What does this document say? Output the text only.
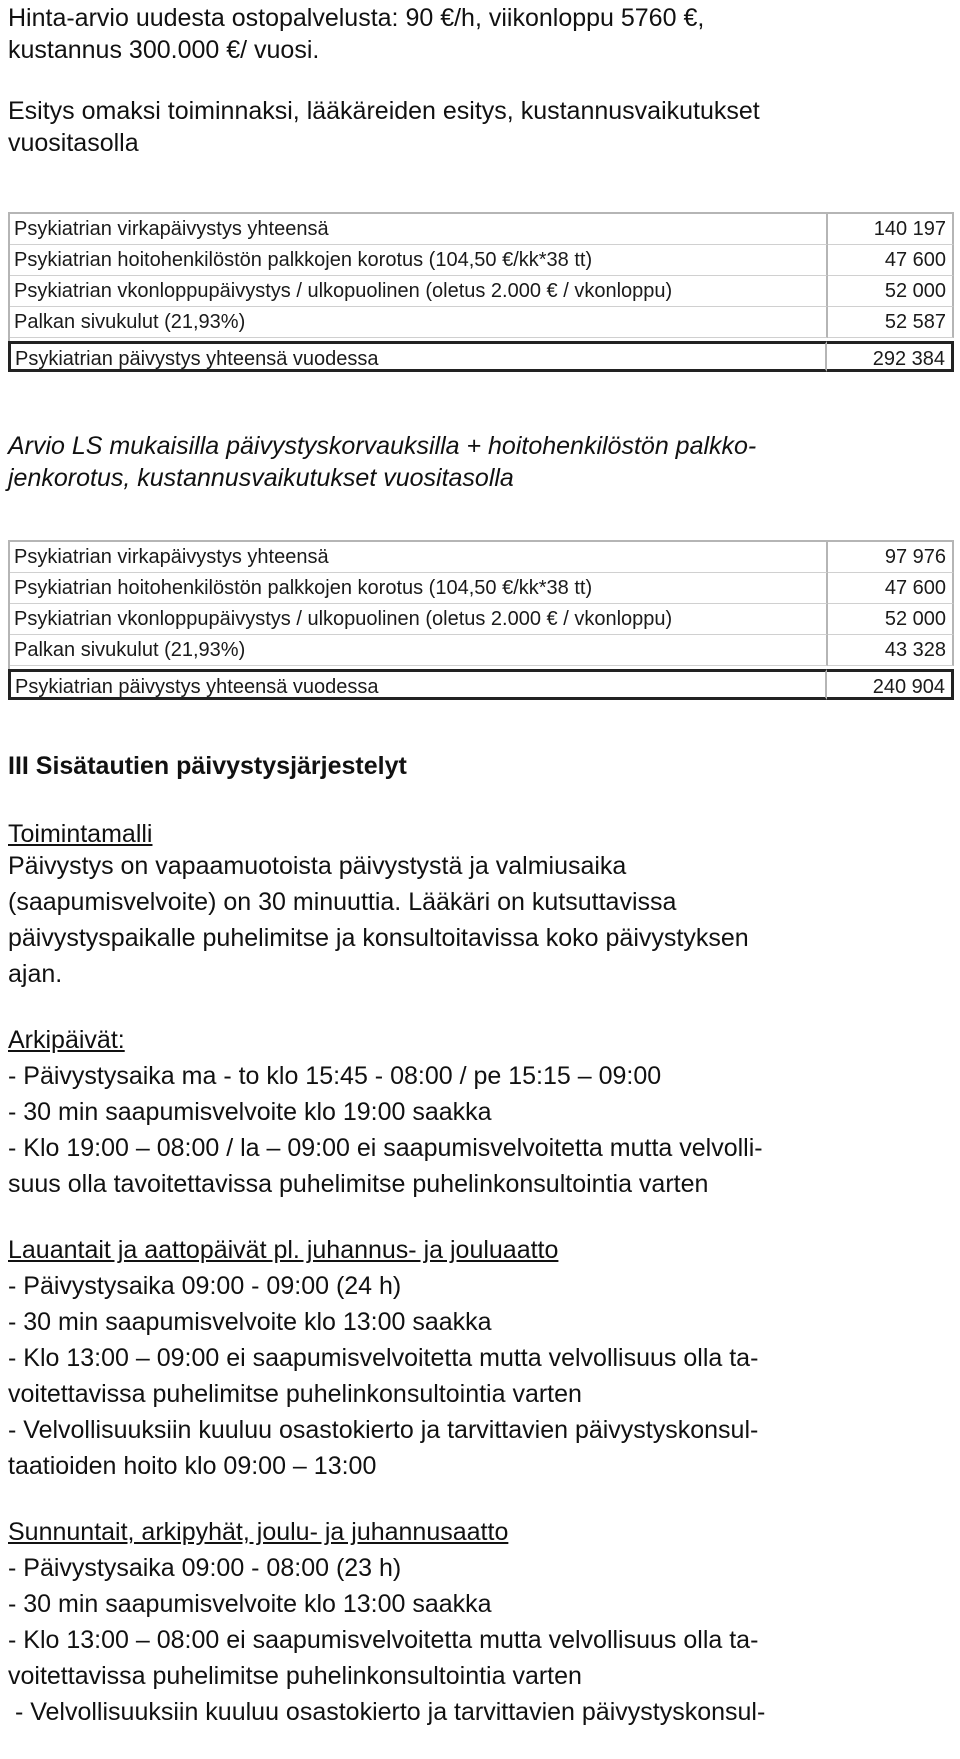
Hinta-arvio uudesta ostopalvelusta: 90 €/h, viikonloppu 5760 €,

kustannus 300.000 €/ vuosi.

Esitys omaksi toiminnaksi, lääkäreiden esitys, kustannusvaikutukset

vuositasolla

Psykiatrian virkapäivystys yhteensä	140 197
Psykiatrian hoitohenkilöstön palkkojen korotus (104,50 €/kk*38 tt)	47 600
Psykiatrian vkonloppupäivystys / ulkopuolinen (oletus 2.000 € / vkonloppu)	52 000
Palkan sivukulut (21,93%)	52 587
Psykiatrian päivystys yhteensä vuodessa	292 384

Arvio LS mukaisilla päivystyskorvauksilla + hoitohenkilöstön palkko-

jenkorotus, kustannusvaikutukset vuositasolla

Psykiatrian virkapäivystys yhteensä	97 976
Psykiatrian hoitohenkilöstön palkkojen korotus (104,50 €/kk*38 tt)	47 600
Psykiatrian vkonloppupäivystys / ulkopuolinen (oletus 2.000 € / vkonloppu)	52 000
Palkan sivukulut (21,93%)	43 328
Psykiatrian päivystys yhteensä vuodessa	240 904

III Sisätautien päivystysjärjestelyt

Toimintamalli

Päivystys on vapaamuotoista päivystystä ja valmiusaika

(saapumisvelvoite) on 30 minuuttia. Lääkäri on kutsuttavissa

päivystyspaikalle puhelimitse ja konsultoitavissa koko päivystyksen

ajan.

Arkipäivät:

- Päivystysaika ma - to klo 15:45 - 08:00 / pe 15:15 – 09:00

- 30 min saapumisvelvoite klo 19:00 saakka

- Klo 19:00 – 08:00 / la – 09:00 ei saapumisvelvoitetta mutta velvolli-

suus olla tavoitettavissa puhelimitse puhelinkonsultointia varten

Lauantait ja aattopäivät pl. juhannus- ja jouluaatto

- Päivystysaika 09:00 - 09:00 (24 h)

- 30 min saapumisvelvoite klo 13:00 saakka

- Klo 13:00 – 09:00 ei saapumisvelvoitetta mutta velvollisuus olla ta-

voitettavissa puhelimitse puhelinkonsultointia varten

- Velvollisuuksiin kuuluu osastokierto ja tarvittavien päivystyskonsul-

taatioiden hoito klo 09:00 – 13:00

Sunnuntait, arkipyhät, joulu- ja juhannusaatto

- Päivystysaika 09:00 - 08:00 (23 h)

- 30 min saapumisvelvoite klo 13:00 saakka

- Klo 13:00 – 08:00 ei saapumisvelvoitetta mutta velvollisuus olla ta-

voitettavissa puhelimitse puhelinkonsultointia varten

- Velvollisuuksiin kuuluu osastokierto ja tarvittavien päivystyskonsul-
